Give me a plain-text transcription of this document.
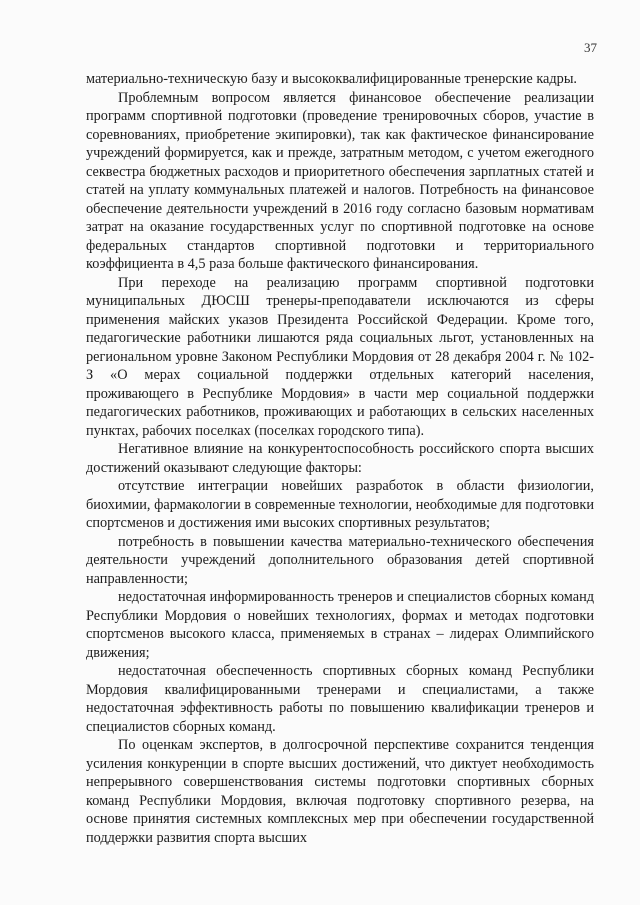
37

материально-техническую базу и высококвалифицированные тренерские кадры.

Проблемным вопросом является финансовое обеспечение реализации программ спортивной подготовки (проведение тренировочных сборов, участие в соревнованиях, приобретение экипировки), так как фактическое финансирование учреждений формируется, как и прежде, затратным методом, с учетом ежегодного секвестра бюджетных расходов и приоритетного обеспечения зарплатных статей и статей на уплату коммунальных платежей и налогов. Потребность на финансовое обеспечение деятельности учреждений в 2016 году согласно базовым нормативам затрат на оказание государственных услуг по спортивной подготовке на основе федеральных стандартов спортивной подготовки и территориального коэффициента в 4,5 раза больше фактического финансирования.

При переходе на реализацию программ спортивной подготовки муниципальных ДЮСШ тренеры-преподаватели исключаются из сферы применения майских указов Президента Российской Федерации. Кроме того, педагогические работники лишаются ряда социальных льгот, установленных на региональном уровне Законом Республики Мордовия от 28 декабря 2004 г. № 102-З «О мерах социальной поддержки отдельных категорий населения, проживающего в Республике Мордовия» в части мер социальной поддержки педагогических работников, проживающих и работающих в сельских населенных пунктах, рабочих поселках (поселках городского типа).

Негативное влияние на конкурентоспособность российского спорта высших достижений оказывают следующие факторы:

отсутствие интеграции новейших разработок в области физиологии, биохимии, фармакологии в современные технологии, необходимые для подготовки спортсменов и достижения ими высоких спортивных результатов;

потребность в повышении качества материально-технического обеспечения деятельности учреждений дополнительного образования детей спортивной направленности;

недостаточная информированность тренеров и специалистов сборных команд Республики Мордовия о новейших технологиях, формах и методах подготовки спортсменов высокого класса, применяемых в странах – лидерах Олимпийского движения;

недостаточная обеспеченность спортивных сборных команд Республики Мордовия квалифицированными тренерами и специалистами, а также недостаточная эффективность работы по повышению квалификации тренеров и специалистов сборных команд.

По оценкам экспертов, в долгосрочной перспективе сохранится тенденция усиления конкуренции в спорте высших достижений, что диктует необходимость непрерывного совершенствования системы подготовки спортивных сборных команд Республики Мордовия, включая подготовку спортивного резерва, на основе принятия системных комплексных мер при обеспечении государственной поддержки развития спорта высших
